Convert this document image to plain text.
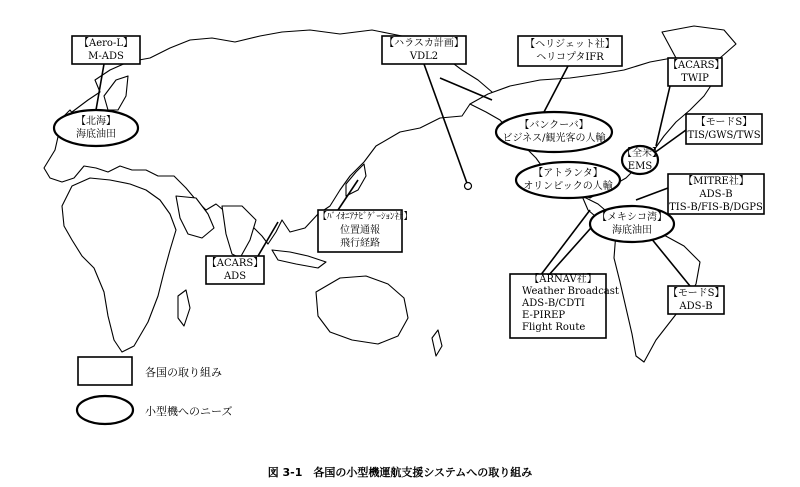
【Aero-L】
M-ADS
【ハラスカ計画】
VDL2
【ヘリジェット社】
ヘリコプタIFR
【ACARS】
TWIP
【モードS】
TIS/GWS/TWS
【MITRE社】
ADS-B
TIS-B/FIS-B/DGPS
【ﾊﾞｲｵﾆｱﾅﾋﾞｹﾞｰｼｮﾝ社】
位置通報
飛行経路
【ACARS】
ADS	【ARNAV社】
Weather Broadcast
ADS-B/CDTI
E-PIREP
Flight Route
【モードS】
ADS-B
【北海】
海底油田
【バンクーバ】
ビジネス/観光客の人輸
【全米】
EMS
【アトランタ】
オリンピックの人輸
【メキシコ湾】
海底油田
各国の取り組み
小型機へのニーズ
図 3-1　各国の小型機運航支援システムへの取り組み
